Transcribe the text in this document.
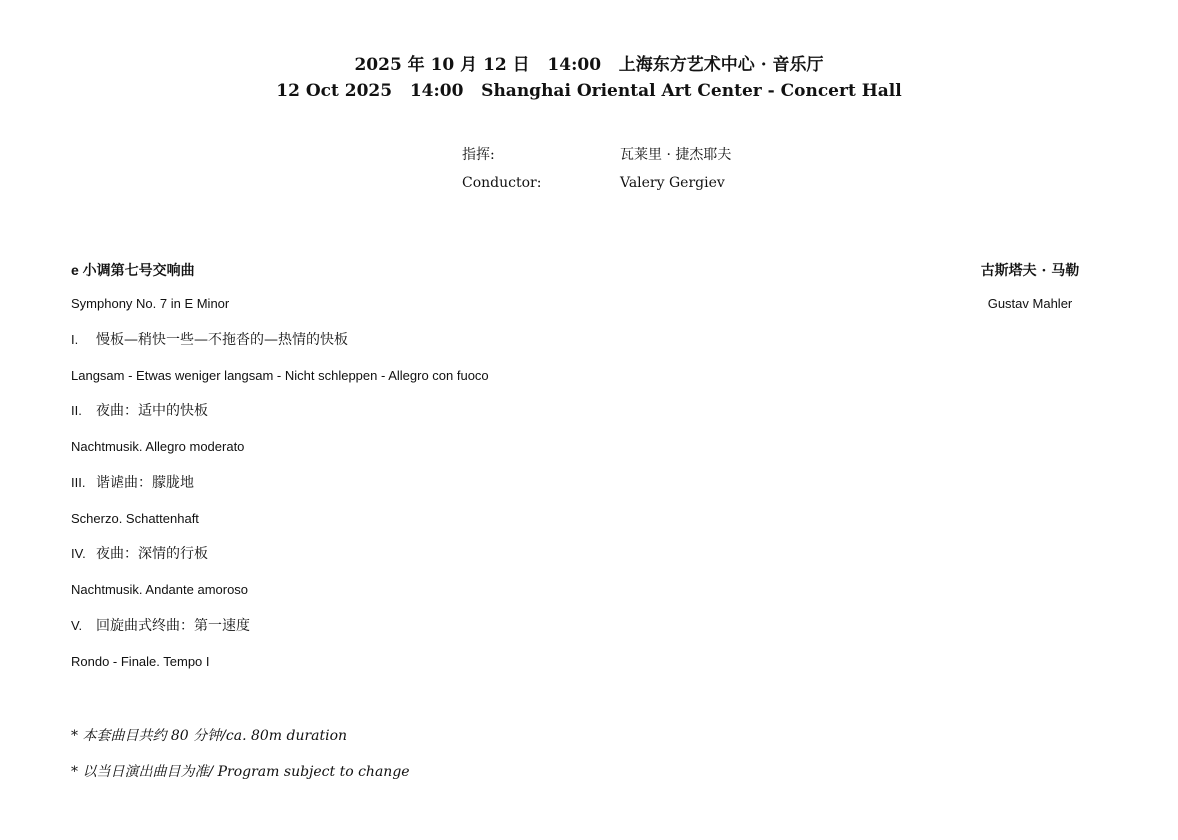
2025 年 10 月 12 日   14:00   上海东方艺术中心 · 音乐厅
12 Oct 2025   14:00   Shanghai Oriental Art Center - Concert Hall
指挥:	瓦莱里 · 捷杰耶夫
Conductor:	Valery Gergiev
e 小调第七号交响曲
Symphony No. 7 in E Minor
古斯塔夫 · 马勒
Gustav Mahler
I. 慢板—稍快一些—不拖沓的—热情的快板
Langsam - Etwas weniger langsam - Nicht schleppen - Allegro con fuoco
II. 夜曲：适中的快板
Nachtmusik. Allegro moderato
III. 谐谑曲：朦胧地
Scherzo. Schattenhaft
IV. 夜曲：深情的行板
Nachtmusik. Andante amoroso
V. 回旋曲式终曲：第一速度
Rondo - Finale. Tempo I
* 本套曲目共约 80 分钟/ca. 80m duration
* 以当日演出曲目为准/ Program subject to change
